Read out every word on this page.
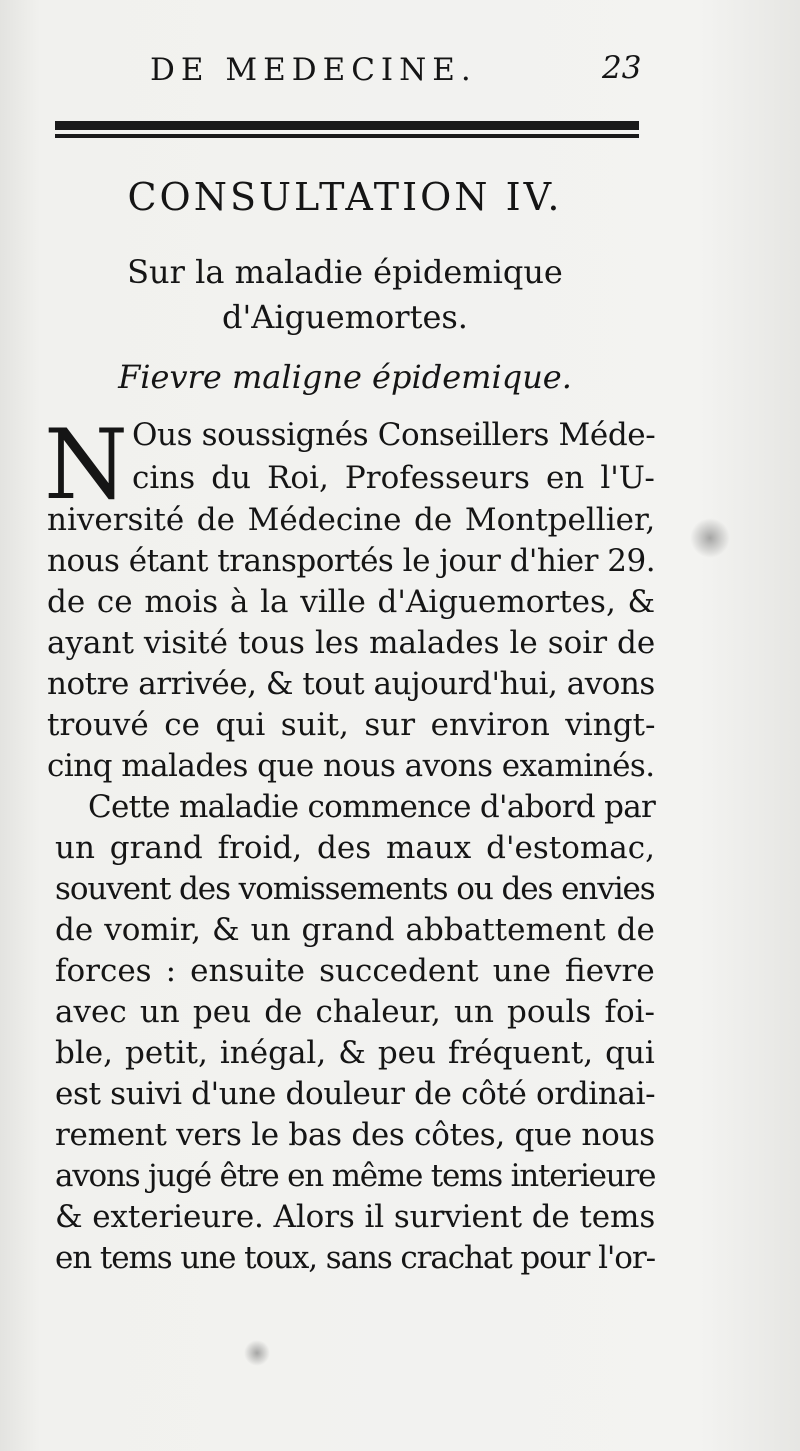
DE MEDECINE.	23
CONSULTATION IV.
Sur la maladie épidemique
d'Aiguemortes.
Fievre maligne épidemique.
N Ous soussignés Conseillers Méde-
cins du Roi, Professeurs en l'U-
niversité de Médecine de Montpellier,
nous étant transportés le jour d'hier 29.
de ce mois à la ville d'Aiguemortes, &
ayant visité tous les malades le soir de
notre arrivée, & tout aujourd'hui, avons
trouvé ce qui suit, sur environ vingt-
cinq malades que nous avons examinés.
Cette maladie commence d'abord par
un grand froid, des maux d'estomac,
souvent des vomissements ou des envies
de vomir, & un grand abbattement de
forces : ensuite succedent une fievre
avec un peu de chaleur, un pouls foi-
ble, petit, inégal, & peu fréquent, qui
est suivi d'une douleur de côté ordinai-
rement vers le bas des côtes, que nous
avons jugé être en même tems interieure
& exterieure. Alors il survient de tems
en tems une toux, sans crachat pour l'or-
